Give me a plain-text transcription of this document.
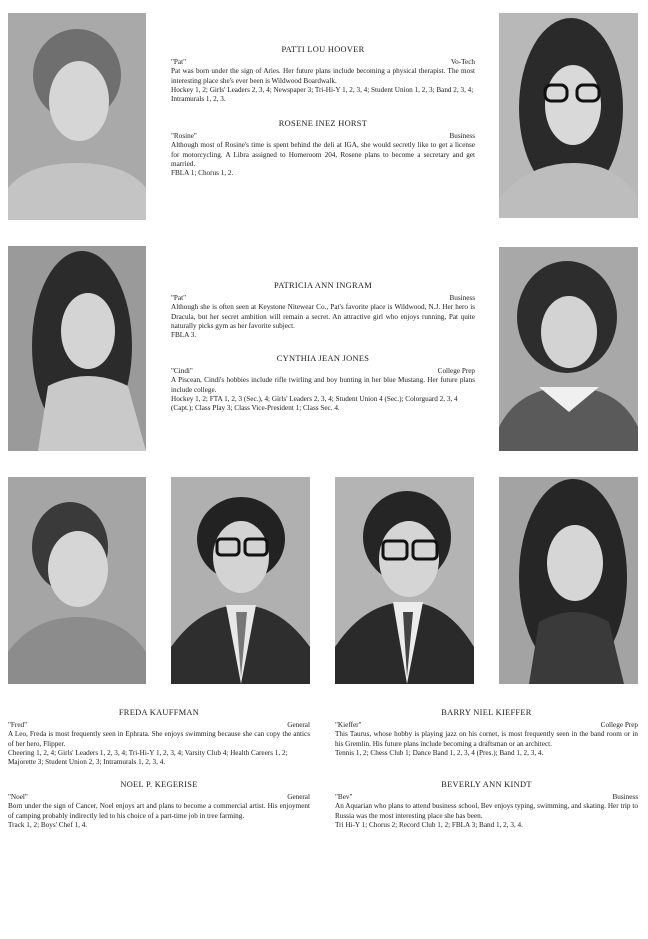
PATTI LOU HOOVER
"Pat"	Vo-Tech

Pat was born under the sign of Aries. Her future plans include becoming a physical therapist. The most interesting place she's ever been is Wildwood Boardwalk.

Hockey 1, 2; Girls' Leaders 2, 3, 4; Newspaper 3; Tri-Hi-Y 1, 2, 3, 4; Student Union 1, 2, 3; Band 2, 3, 4; Intramurals 1, 2, 3.

ROSENE INEZ HORST
"Rosine"	Business

Although most of Rosine's time is spent behind the deli at IGA, she would secretly like to get a license for motorcycling. A Libra assigned to Homeroom 204, Rosene plans to become a secretary and get married.

FBLA 1; Chorus 1, 2.

PATRICIA ANN INGRAM
"Pat"	Business

Although she is often seen at Keystone Nitewear Co., Pat's favorite place is Wildwood, N.J. Her hero is Dracula, but her secret ambition will remain a secret. An attractive girl who enjoys running, Pat quite naturally picks gym as her favorite subject.

FBLA 3.

CYNTHIA JEAN JONES
"Cindi"	College Prep

A Piscean, Cindi's hobbies include rifle twirling and boy hunting in her blue Mustang. Her future plans include college.

Hockey 1, 2; FTA 1, 2, 3 (Sec.), 4; Girls' Leaders 2, 3, 4; Student Union 4 (Sec.); Colorguard 2, 3, 4 (Capt.); Class Play 3; Class Vice-President 1; Class Sec. 4.

FREDA KAUFFMAN
"Fred"	General

A Leo, Freda is most frequently seen in Ephrata. She enjoys swimming because she can copy the antics of her hero, Flipper.

Cheering 1, 2, 4; Girls' Leaders 1, 2, 3, 4; Tri-Hi-Y 1, 2, 3, 4; Varsity Club 4; Health Careers 1, 2; Majorette 3; Student Union 2, 3; Intramurals 1, 2, 3, 4.

NOEL P. KEGERISE
"Noel"	General

Born under the sign of Cancer, Noel enjoys art and plans to become a commercial artist. His enjoyment of camping probably indirectly led to his choice of a part-time job in tree farming.

Track 1, 2; Boys' Chef 1, 4.

BARRY NIEL KIEFFER
"Kieffer"	College Prep

This Taurus, whose hobby is playing jazz on his cornet, is most frequently seen in the band room or in his Gremlin. His future plans include becoming a draftsman or an architect.

Tennis 1, 2; Chess Club 1; Dance Band 1, 2, 3, 4 (Pres.); Band 1, 2, 3, 4.

BEVERLY ANN KINDT
"Bev"	Business

An Aquarian who plans to attend business school, Bev enjoys typing, swimming, and skating. Her trip to Russia was the most interesting place she has been.

Tri Hi-Y 1; Chorus 2; Record Club 1, 2; FBLA 3; Band 1, 2, 3, 4.
